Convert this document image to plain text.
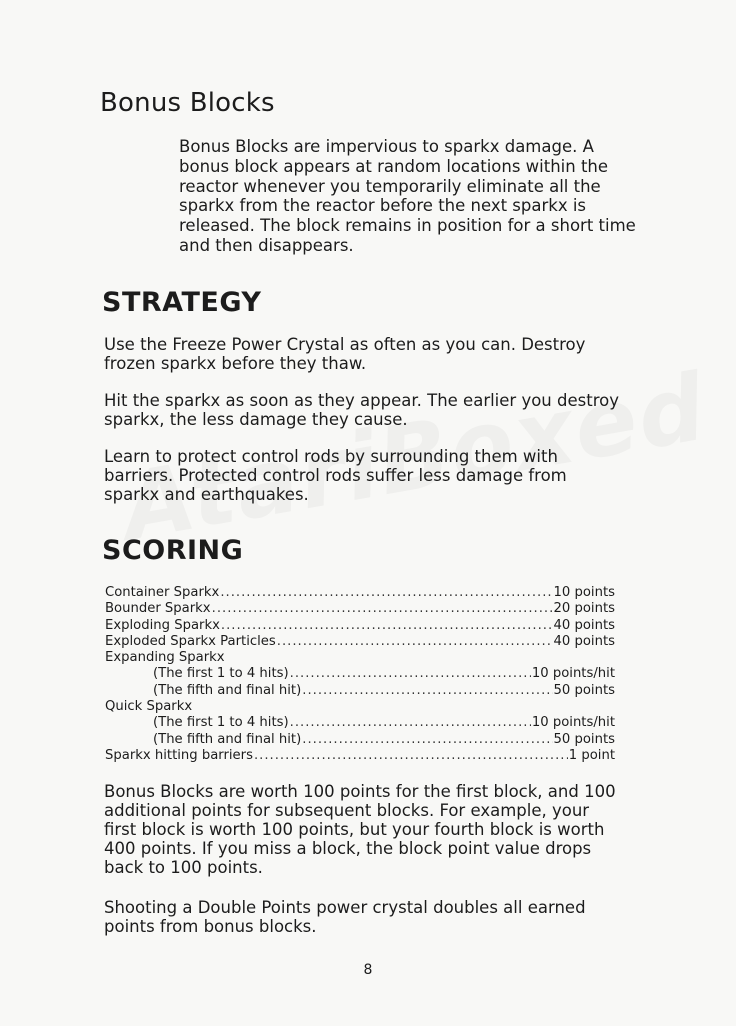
Bonus Blocks

Bonus Blocks are impervious to sparkx damage. A bonus block appears at random locations within the reactor whenever you temporarily eliminate all the sparkx from the reactor before the next sparkx is released. The block remains in position for a short time and then disappears.

STRATEGY

Use the Freeze Power Crystal as often as you can. Destroy frozen sparkx before they thaw.

Hit the sparkx as soon as they appear. The earlier you destroy sparkx, the less damage they cause.

Learn to protect control rods by surrounding them with barriers. Protected control rods suffer less damage from sparkx and earthquakes.

SCORING
Container Sparkx .....	10 points
Bounder Sparkx .....	20 points
Exploding Sparkx .....	40 points
Exploded Sparkx Particles .....	40 points
Expanding Sparkx
(The first 1 to 4 hits) .....	10 points/hit
(The fifth and final hit) .....	50 points
Quick Sparkx
(The first 1 to 4 hits) .....	10 points/hit
(The fifth and final hit) .....	50 points
Sparkx hitting barriers .....	1 point

Bonus Blocks are worth 100 points for the first block, and 100 additional points for subsequent blocks. For example, your first block is worth 100 points, but your fourth block is worth 400 points. If you miss a block, the block point value drops back to 100 points.

Shooting a Double Points power crystal doubles all earned points from bonus blocks.

8
